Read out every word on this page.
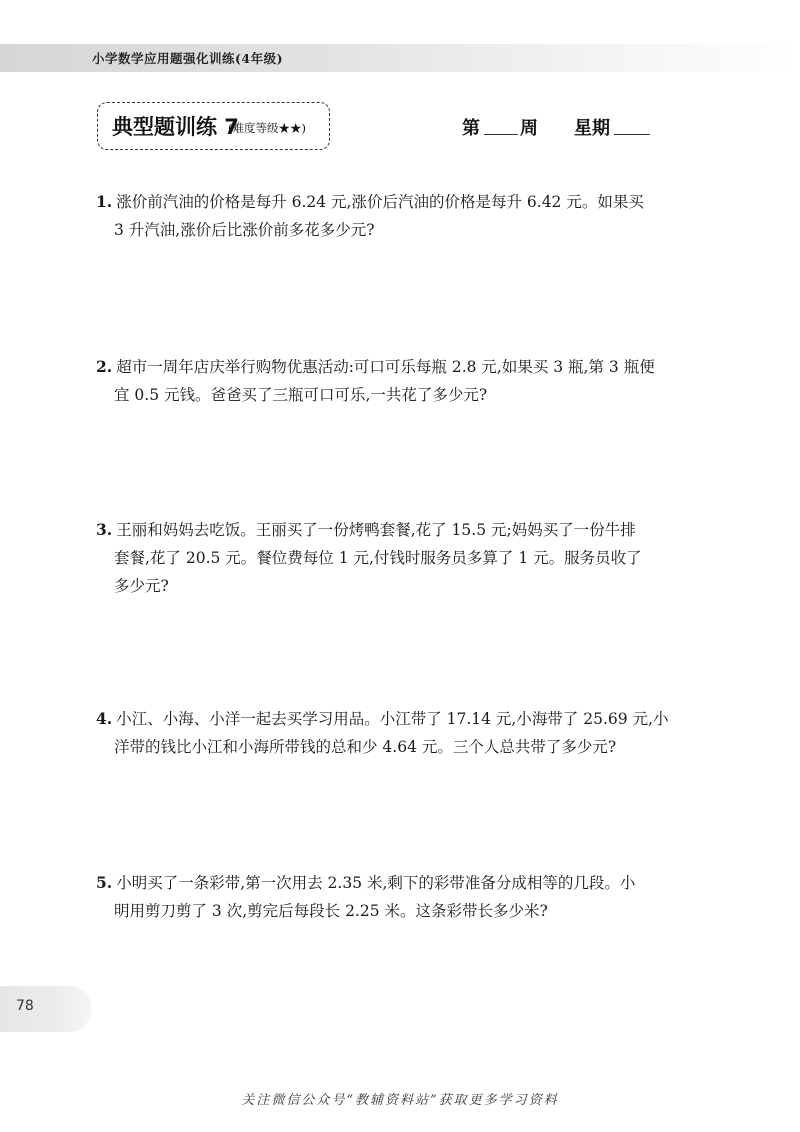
小学数学应用题强化训练(4年级)
典型题训练 7
(难度等级★★)	第 周 星期
1. 涨价前汽油的价格是每升 6.24 元,涨价后汽油的价格是每升 6.42 元。如果买
3 升汽油,涨价后比涨价前多花多少元?
2. 超市一周年店庆举行购物优惠活动:可口可乐每瓶 2.8 元,如果买 3 瓶,第 3 瓶便
宜 0.5 元钱。爸爸买了三瓶可口可乐,一共花了多少元?
3. 王丽和妈妈去吃饭。王丽买了一份烤鸭套餐,花了 15.5 元;妈妈买了一份牛排
套餐,花了 20.5 元。餐位费每位 1 元,付钱时服务员多算了 1 元。服务员收了
多少元?
4. 小江、小海、小洋一起去买学习用品。小江带了 17.14 元,小海带了 25.69 元,小
洋带的钱比小江和小海所带钱的总和少 4.64 元。三个人总共带了多少元?
5. 小明买了一条彩带,第一次用去 2.35 米,剩下的彩带准备分成相等的几段。小
明用剪刀剪了 3 次,剪完后每段长 2.25 米。这条彩带长多少米?
78
关注微信公众号“教辅资料站”获取更多学习资料
